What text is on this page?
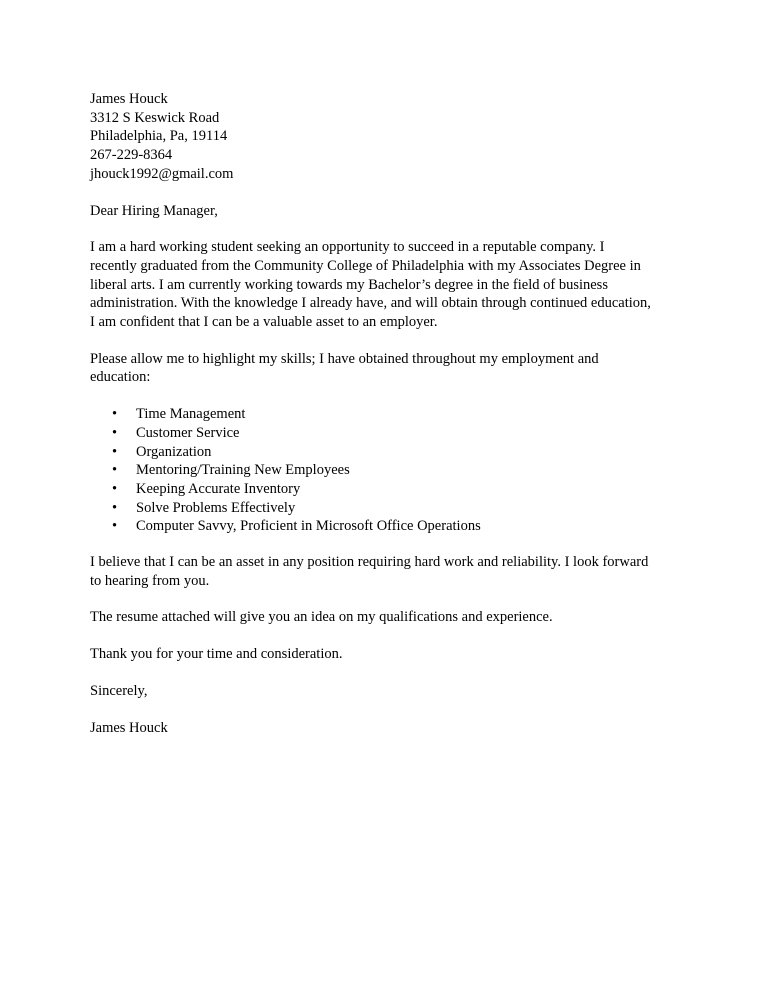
James Houck
3312 S Keswick Road
Philadelphia, Pa, 19114
267-229-8364
jhouck1992@gmail.com
Dear Hiring Manager,
I am a hard working student seeking an opportunity to succeed in a reputable company. I
recently graduated from the Community College of Philadelphia with my Associates Degree in
liberal arts. I am currently working towards my Bachelor’s degree in the field of business
administration. With the knowledge I already have, and will obtain through continued education,
I am confident that I can be a valuable asset to an employer.
Please allow me to highlight my skills; I have obtained throughout my employment and
education:
• Time Management
• Customer Service
• Organization
• Mentoring/Training New Employees
• Keeping Accurate Inventory
• Solve Problems Effectively
• Computer Savvy, Proficient in Microsoft Office Operations
I believe that I can be an asset in any position requiring hard work and reliability. I look forward
to hearing from you.
The resume attached will give you an idea on my qualifications and experience.
Thank you for your time and consideration.
Sincerely,
James Houck
